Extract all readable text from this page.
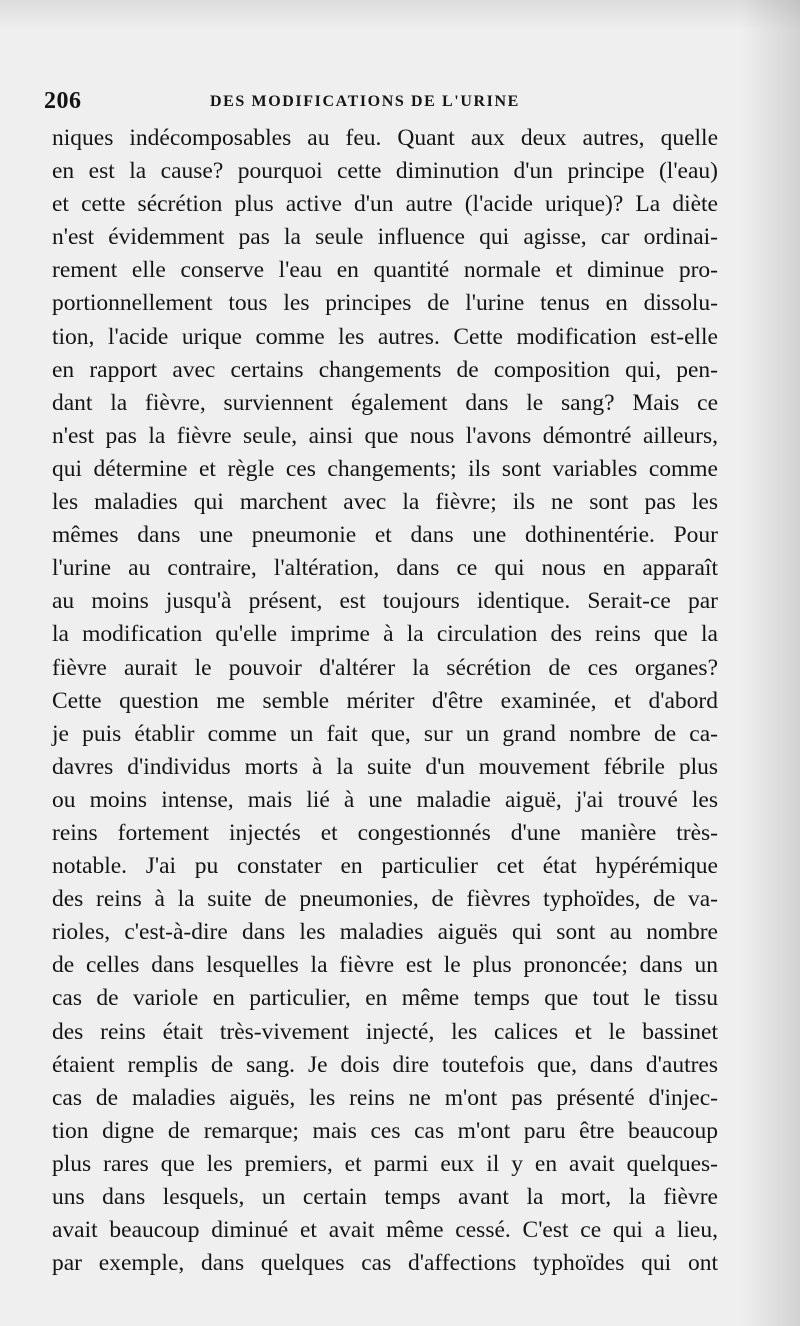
206	DES MODIFICATIONS DE L'URINE
niques indécomposables au feu. Quant aux deux autres, quelle
en est la cause? pourquoi cette diminution d'un principe (l'eau)
et cette sécrétion plus active d'un autre (l'acide urique)? La diète
n'est évidemment pas la seule influence qui agisse, car ordinai-
rement elle conserve l'eau en quantité normale et diminue pro-
portionnellement tous les principes de l'urine tenus en dissolu-
tion, l'acide urique comme les autres. Cette modification est-elle
en rapport avec certains changements de composition qui, pen-
dant la fièvre, surviennent également dans le sang? Mais ce
n'est pas la fièvre seule, ainsi que nous l'avons démontré ailleurs,
qui détermine et règle ces changements; ils sont variables comme
les maladies qui marchent avec la fièvre; ils ne sont pas les
mêmes dans une pneumonie et dans une dothinentérie. Pour
l'urine au contraire, l'altération, dans ce qui nous en apparaît
au moins jusqu'à présent, est toujours identique. Serait-ce par
la modification qu'elle imprime à la circulation des reins que la
fièvre aurait le pouvoir d'altérer la sécrétion de ces organes?
Cette question me semble mériter d'être examinée, et d'abord
je puis établir comme un fait que, sur un grand nombre de ca-
davres d'individus morts à la suite d'un mouvement fébrile plus
ou moins intense, mais lié à une maladie aiguë, j'ai trouvé les
reins fortement injectés et congestionnés d'une manière très-
notable. J'ai pu constater en particulier cet état hypérémique
des reins à la suite de pneumonies, de fièvres typhoïdes, de va-
rioles, c'est-à-dire dans les maladies aiguës qui sont au nombre
de celles dans lesquelles la fièvre est le plus prononcée; dans un
cas de variole en particulier, en même temps que tout le tissu
des reins était très-vivement injecté, les calices et le bassinet
étaient remplis de sang. Je dois dire toutefois que, dans d'autres
cas de maladies aiguës, les reins ne m'ont pas présenté d'injec-
tion digne de remarque; mais ces cas m'ont paru être beaucoup
plus rares que les premiers, et parmi eux il y en avait quelques-
uns dans lesquels, un certain temps avant la mort, la fièvre
avait beaucoup diminué et avait même cessé. C'est ce qui a lieu,
par exemple, dans quelques cas d'affections typhoïdes qui ont
